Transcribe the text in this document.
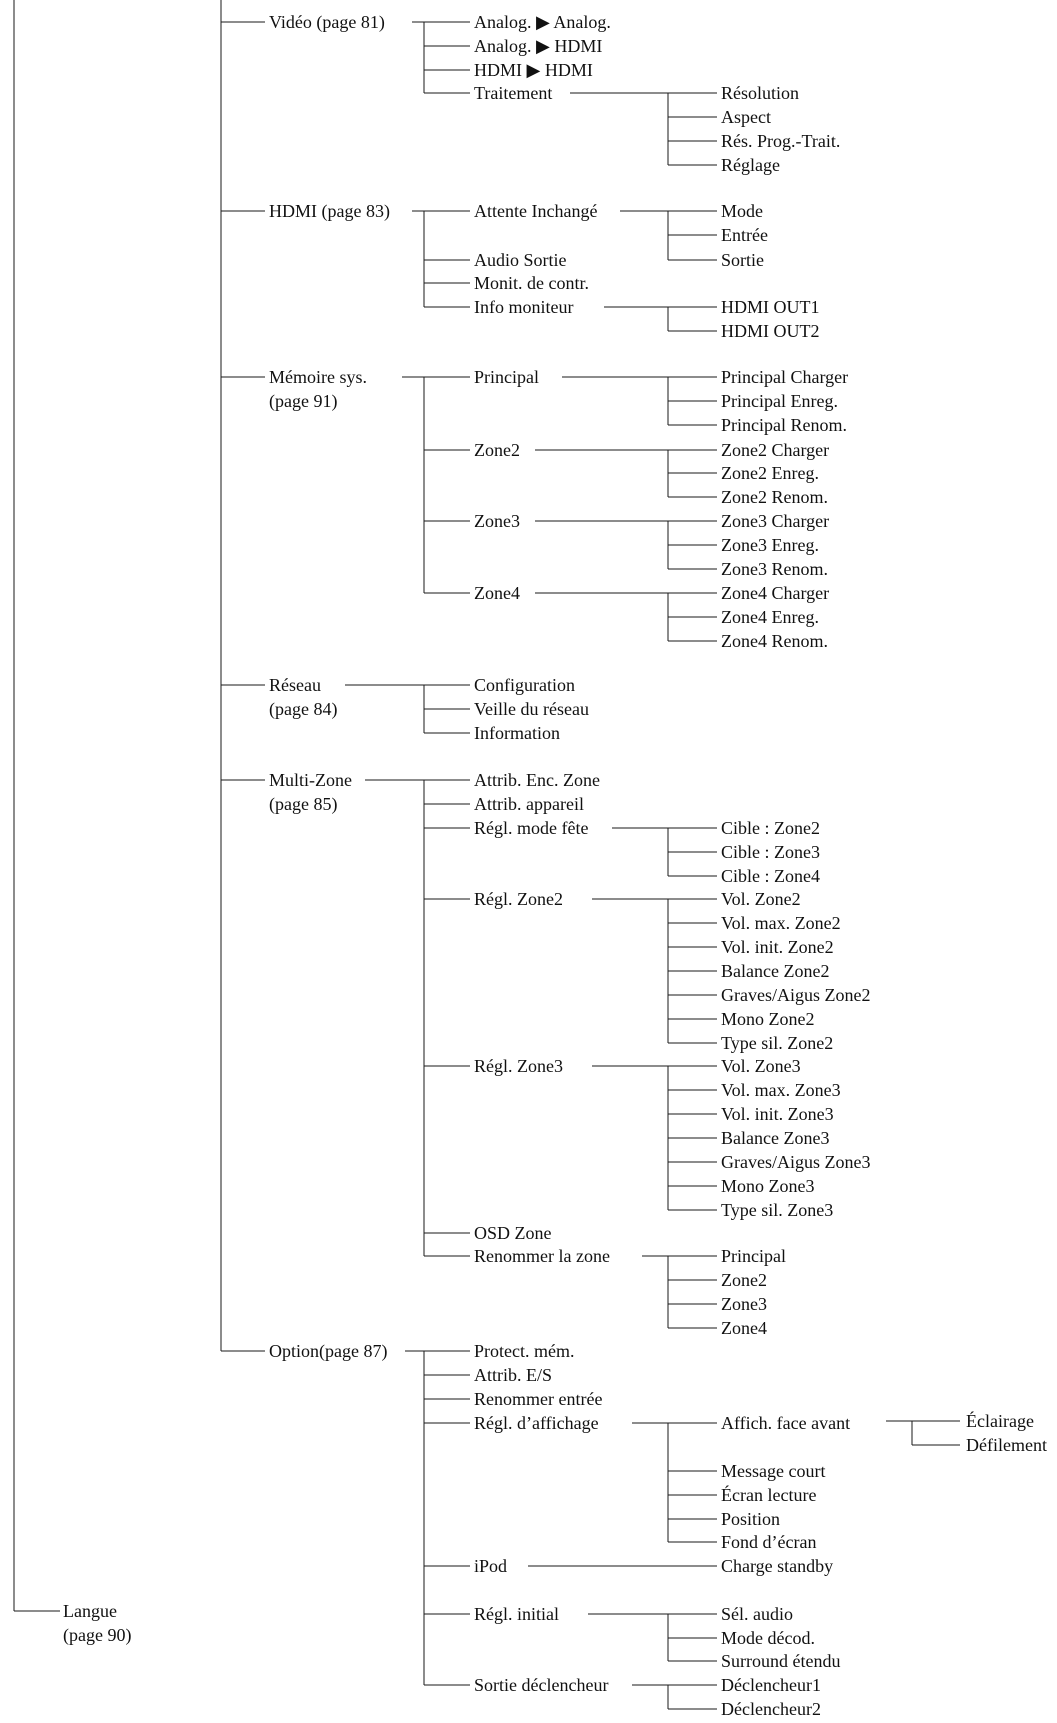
Langue
(page 90)
Vidéo (page 81)
HDMI (page 83)
Mémoire sys.
(page 91)
Réseau
(page 84)
Multi-Zone
(page 85)
Option(page 87)
Analog. ▶ Analog.
Analog. ▶ HDMI
HDMI ▶ HDMI
Traitement	Résolution
Aspect
Rés. Prog.-Trait.
Réglage
Attente Inchangé
Audio Sortie
Monit. de contr.
Info moniteur
Mode
Entrée
Sortie
HDMI OUT1
HDMI OUT2
Principal
Zone2
Zone3
Zone4
Principal Charger
Principal Enreg.
Principal Renom.
Zone2 Charger
Zone2 Enreg.
Zone2 Renom.
Zone3 Charger
Zone3 Enreg.
Zone3 Renom.
Zone4 Charger
Zone4 Enreg.
Zone4 Renom.
Configuration
Veille du réseau
Information
Attrib. Enc. Zone
Attrib. appareil
Régl. mode fête
Régl. Zone2
Régl. Zone3
OSD Zone
Renommer la zone
Cible : Zone2
Cible : Zone3
Cible : Zone4
Vol. Zone2
Vol. max. Zone2
Vol. init. Zone2
Balance Zone2
Graves/Aigus Zone2
Mono Zone2
Type sil. Zone2
Vol. Zone3
Vol. max. Zone3
Vol. init. Zone3
Balance Zone3
Graves/Aigus Zone3
Mono Zone3
Type sil. Zone3
Principal
Zone2
Zone3
Zone4
Protect. mém.
Attrib. E/S
Renommer entrée
Régl. d’affichage
iPod
Régl. initial
Sortie déclencheur
Affich. face avant
Message court
Écran lecture
Position
Fond d’écran
Éclairage
Défilement
Charge standby
Sél. audio
Mode décod.
Surround étendu
Déclencheur1
Déclencheur2
